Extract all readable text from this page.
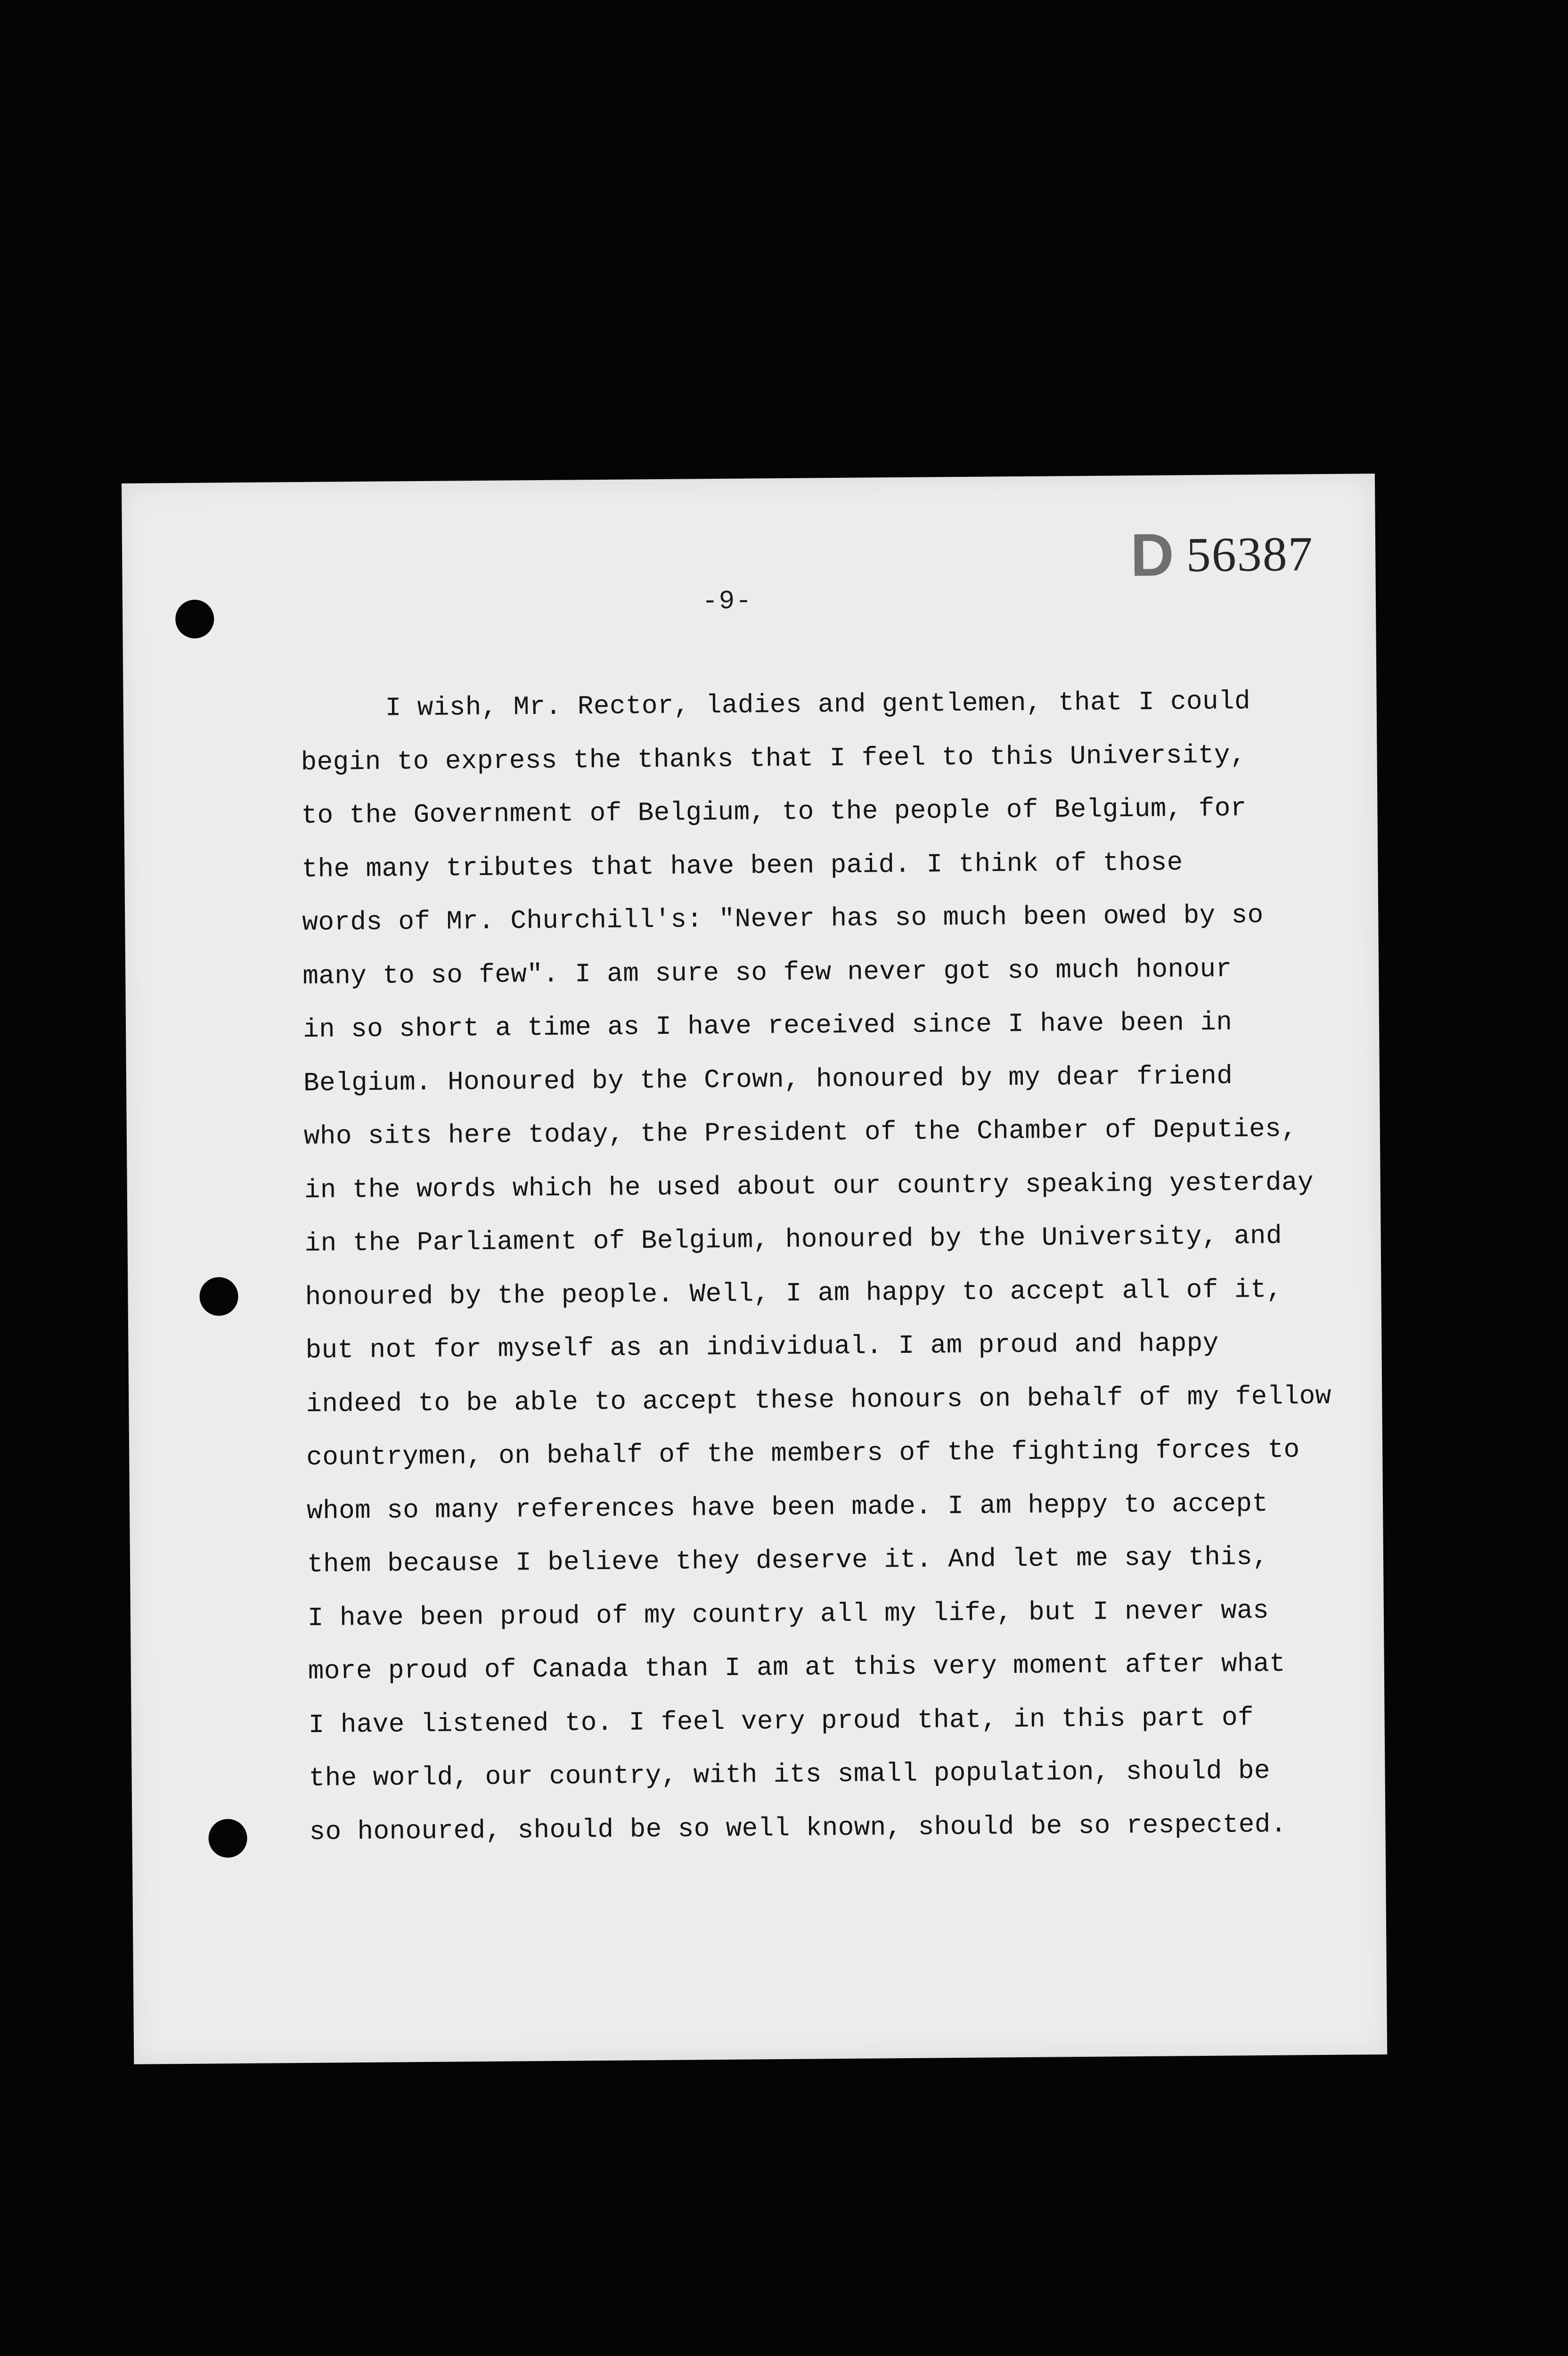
-9-
D 56387
I wish, Mr. Rector, ladies and gentlemen, that I could
begin to express the thanks that I feel to this University,
to the Government of Belgium, to the people of Belgium, for
the many tributes that have been paid. I think of those
words of Mr. Churchill's: "Never has so much been owed by so
many to so few". I am sure so few never got so much honour
in so short a time as I have received since I have been in
Belgium. Honoured by the Crown, honoured by my dear friend
who sits here today, the President of the Chamber of Deputies,
in the words which he used about our country speaking yesterday
in the Parliament of Belgium, honoured by the University, and
honoured by the people. Well, I am happy to accept all of it,
but not for myself as an individual. I am proud and happy
indeed to be able to accept these honours on behalf of my fellow
countrymen, on behalf of the members of the fighting forces to
whom so many references have been made. I am heppy to accept
them because I believe they deserve it. And let me say this,
I have been proud of my country all my life, but I never was
more proud of Canada than I am at this very moment after what
I have listened to. I feel very proud that, in this part of
the world, our country, with its small population, should be
so honoured, should be so well known, should be so respected.
